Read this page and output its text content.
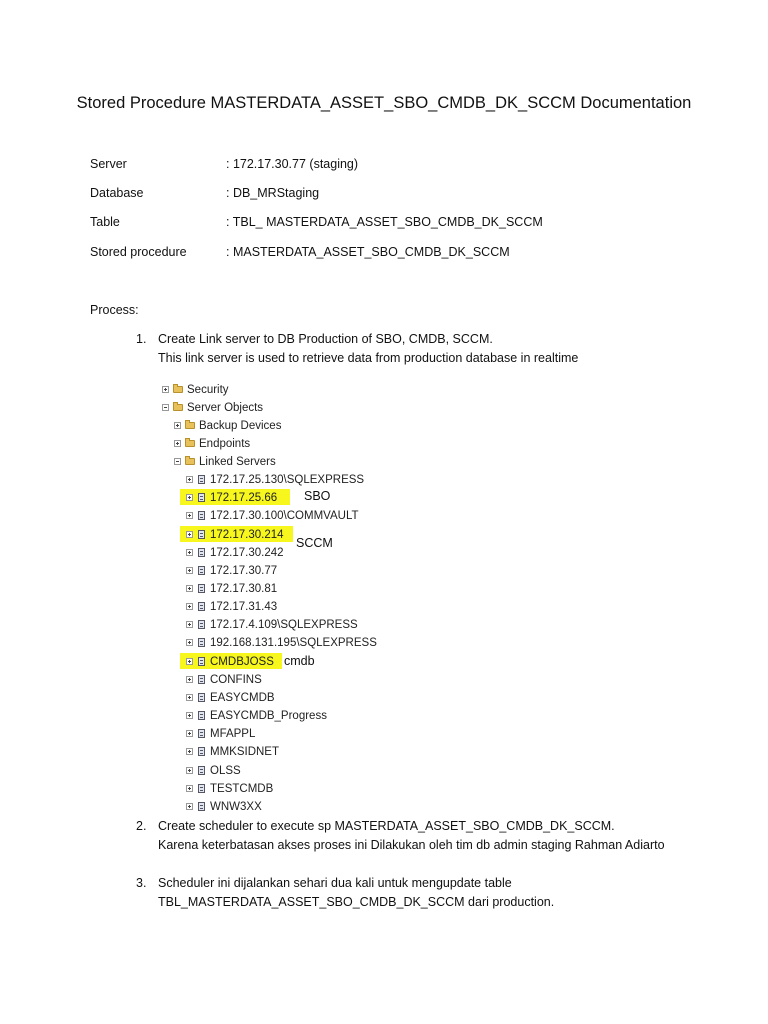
Stored Procedure MASTERDATA_ASSET_SBO_CMDB_DK_SCCM Documentation
Server	: 172.17.30.77 (staging)
Database	: DB_MRStaging
Table	: TBL_ MASTERDATA_ASSET_SBO_CMDB_DK_SCCM
Stored procedure	: MASTERDATA_ASSET_SBO_CMDB_DK_SCCM
Process:
1. Create Link server to DB Production of SBO, CMDB, SCCM.
This link server is used to retrieve data from production database in realtime
Security
Server Objects
Backup Devices
Endpoints
Linked Servers
172.17.25.130\SQLEXPRESS
172.17.25.66
172.17.30.100\COMMVAULT
172.17.30.214
172.17.30.242
172.17.30.77
172.17.30.81
172.17.31.43
172.17.4.109\SQLEXPRESS
192.168.131.195\SQLEXPRESS
CMDBJOSS
CONFINS
EASYCMDB
EASYCMDB_Progress
MFAPPL
MMKSIDNET
OLSS
TESTCMDB
WNW3XX
SBO
SCCM
cmdb
2. Create scheduler to execute sp MASTERDATA_ASSET_SBO_CMDB_DK_SCCM.
Karena keterbatasan akses proses ini Dilakukan oleh tim db admin staging Rahman Adiarto
3. Scheduler ini dijalankan sehari dua kali untuk mengupdate table
TBL_MASTERDATA_ASSET_SBO_CMDB_DK_SCCM dari production.
